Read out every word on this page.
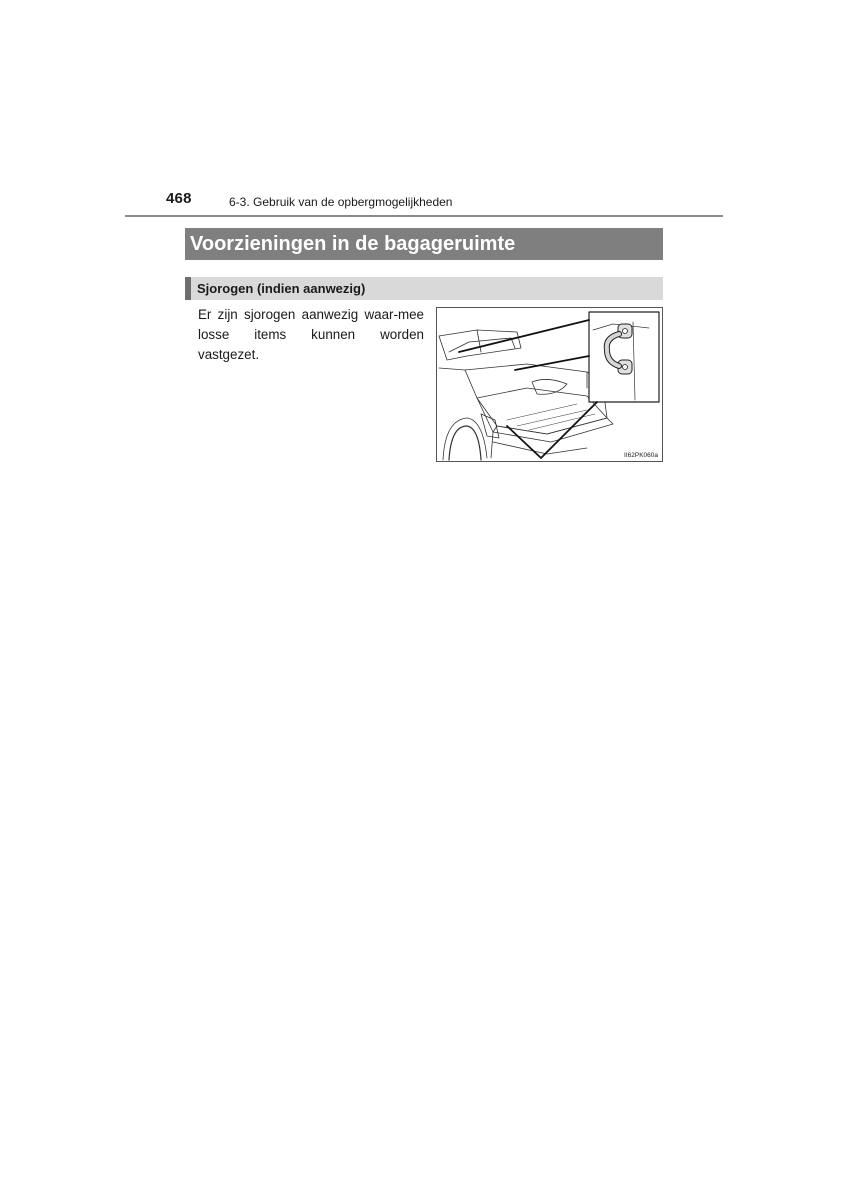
468	6-3. Gebruik van de opbergmogelijkheden
Voorzieningen in de bagageruimte
Sjorogen (indien aanwezig)

Er zijn sjorogen aanwezig waar-mee losse items kunnen worden vastgezet.

II62PK060a
